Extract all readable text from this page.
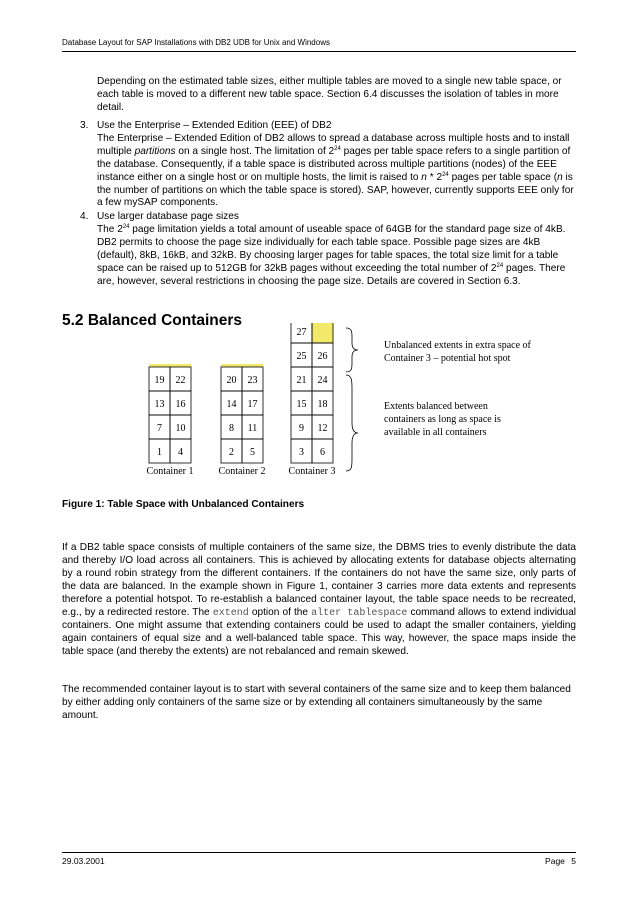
Database Layout for SAP Installations with DB2 UDB for Unix and Windows
Depending on the estimated table sizes, either multiple tables are moved to a single new table space, or each table is moved to a different new table space. Section 6.4 discusses the isolation of tables in more detail.
3. Use the Enterprise – Extended Edition (EEE) of DB2
The Enterprise – Extended Edition of DB2 allows to spread a database across multiple hosts and to install multiple partitions on a single host. The limitation of $2^{24}$ pages per table space refers to a single partition of the database. Consequently, if a table space is distributed across multiple partitions (nodes) of the EEE instance either on a single host or on multiple hosts, the limit is raised to n * $2^{24}$ pages per table space (n is the number of partitions on which the table space is stored). SAP, however, currently supports EEE only for a few mySAP components.
4. Use larger database page sizes
The $2^{24}$ page limitation yields a total amount of useable space of 64GB for the standard page size of 4kB. DB2 permits to choose the page size individually for each table space. Possible page sizes are 4kB (default), 8kB, 16kB, and 32kB. By choosing larger pages for table spaces, the total size limit for a table space can be raised up to 512GB for 32kB pages without exceeding the total number of $2^{24}$ pages. There are, however, several restrictions in choosing the page size. Details are covered in Section 6.3.
5.2 Balanced Containers
19 22
13 16
7 10
1 4
Container 1
20 23
14 17
8 11
2 5
Container 2
27
25 26
21 24
15 18
9 12
3 6
Container 3
Unbalanced extents in extra space of
Container 3 – potential hot spot
Extents balanced between
containers as long as space is
available in all containers
Figure 1: Table Space with Unbalanced Containers
If a DB2 table space consists of multiple containers of the same size, the DBMS tries to evenly distribute the data and thereby I/O load across all containers. This is achieved by allocating extents for database objects alternating by a round robin strategy from the different containers. If the containers do not have the same size, only parts of the data are balanced. In the example shown in Figure 1, container 3 carries more data extents and represents therefore a potential hotspot. To re-establish a balanced container layout, the table space needs to be recreated, e.g., by a redirected restore. The extend option of the alter tablespace command allows to extend individual containers. One might assume that extending containers could be used to adapt the smaller containers, yielding again containers of equal size and a well-balanced table space. This way, however, the space maps inside the table space (and thereby the extents) are not rebalanced and remain skewed.
The recommended container layout is to start with several containers of the same size and to keep them balanced by either adding only containers of the same size or by extending all containers simultaneously by the same amount.
29.03.2001	Page 5
